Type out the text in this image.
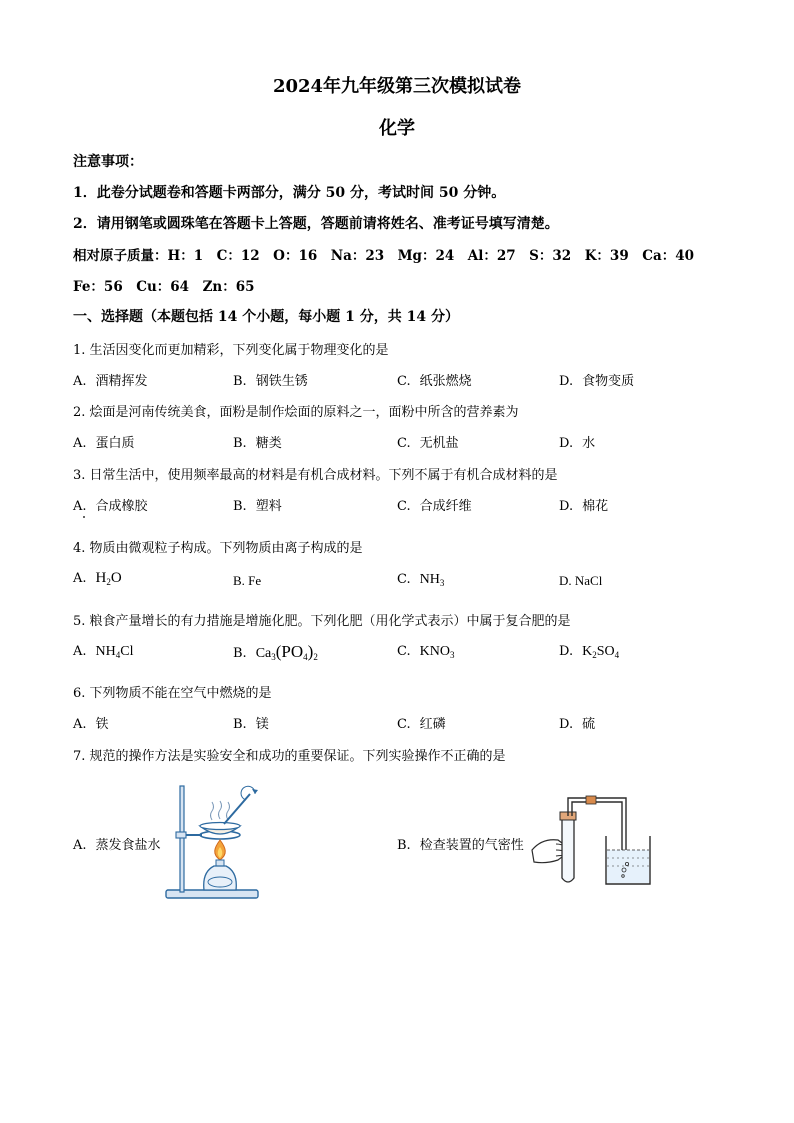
2024年九年级第三次模拟试卷
化学
注意事项：
1．此卷分试题卷和答题卡两部分，满分 50 分，考试时间 50 分钟。
2．请用钢笔或圆珠笔在答题卡上答题，答题前请将姓名、准考证号填写清楚。
相对原子质量：H：1　C：12　O：16　Na：23　Mg：24　Al：27　S：32　K：39　Ca：40
Fe：56　Cu：64　Zn：65
一、选择题（本题包括 14 个小题，每小题 1 分，共 14 分）
1. 生活因变化而更加精彩，下列变化属于物理变化的是
A. 酒精挥发	B. 钢铁生锈	C. 纸张燃烧	D. 食物变质
2. 烩面是河南传统美食，面粉是制作烩面的原料之一，面粉中所含的营养素为
A. 蛋白质	B. 糖类	C. 无机盐	D. 水
3. 日常生活中，使用频率最高的材料是有机合成材料。下列不属于有机合成材料的是
A. 合成橡胶	B. 塑料	C. 合成纤维	D. 棉花
4. 物质由微观粒子构成。下列物质由离子构成的是
A. $H_2O$	B. Fe	C. $NH_3$	D. NaCl
5. 粮食产量增长的有力措施是增施化肥。下列化肥（用化学式表示）中属于复合肥的是
A. $NH_4Cl$	B. $Ca_3(PO_4)_2$	C. $KNO_3$	D. $K_2SO_4$
6. 下列物质不能在空气中燃烧的是
A. 铁	B. 镁	C. 红磷	D. 硫
7. 规范的操作方法是实验安全和成功的重要保证。下列实验操作不正确的是
A. 蒸发食盐水	B. 检查装置的气密性
